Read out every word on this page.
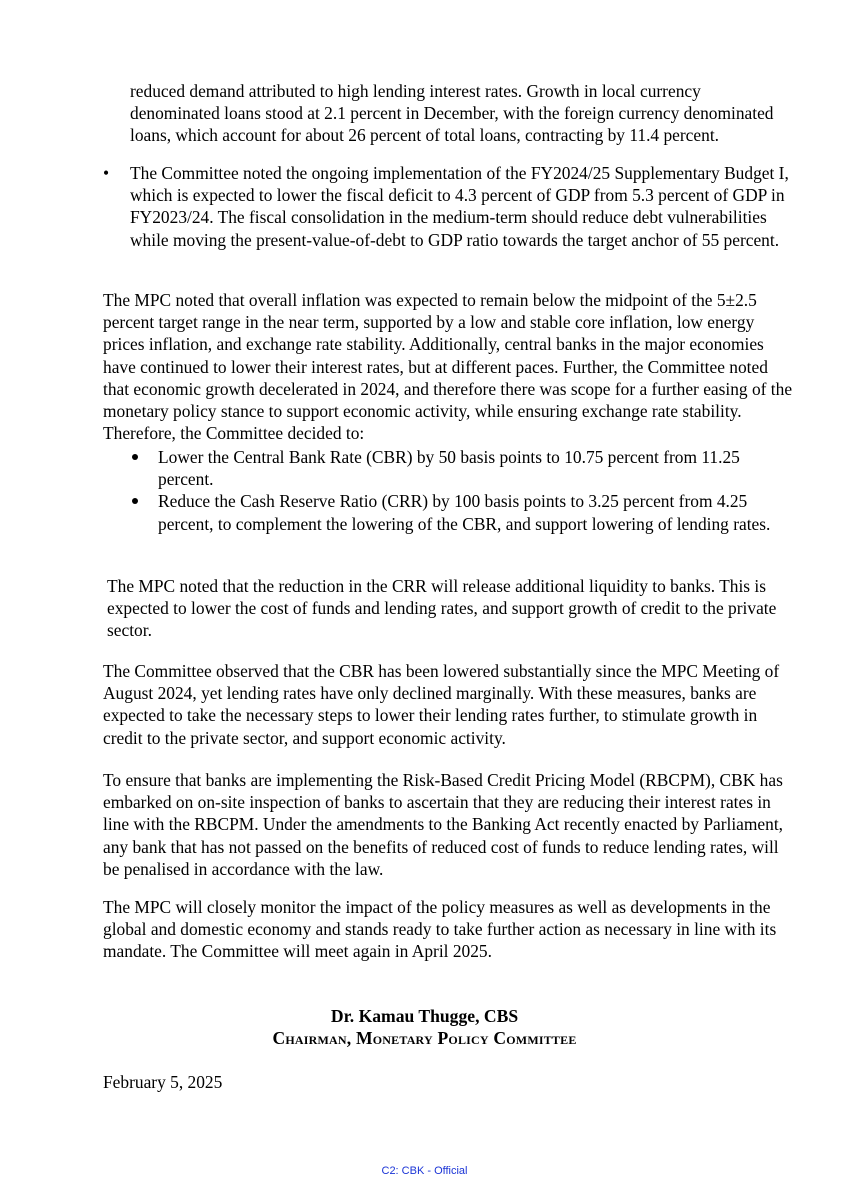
reduced demand attributed to high lending interest rates. Growth in local currency denominated loans stood at 2.1 percent in December, with the foreign currency denominated loans, which account for about 26 percent of total loans, contracting by 11.4 percent.

• The Committee noted the ongoing implementation of the FY2024/25 Supplementary Budget I, which is expected to lower the fiscal deficit to 4.3 percent of GDP from 5.3 percent of GDP in FY2023/24. The fiscal consolidation in the medium-term should reduce debt vulnerabilities while moving the present-value-of-debt to GDP ratio towards the target anchor of 55 percent.

The MPC noted that overall inflation was expected to remain below the midpoint of the 5±2.5 percent target range in the near term, supported by a low and stable core inflation, low energy prices inflation, and exchange rate stability. Additionally, central banks in the major economies have continued to lower their interest rates, but at different paces. Further, the Committee noted that economic growth decelerated in 2024, and therefore there was scope for a further easing of the monetary policy stance to support economic activity, while ensuring exchange rate stability. Therefore, the Committee decided to:

Lower the Central Bank Rate (CBR) by 50 basis points to 10.75 percent from 11.25 percent.
Reduce the Cash Reserve Ratio (CRR) by 100 basis points to 3.25 percent from 4.25 percent, to complement the lowering of the CBR, and support lowering of lending rates.

The MPC noted that the reduction in the CRR will release additional liquidity to banks. This is expected to lower the cost of funds and lending rates, and support growth of credit to the private sector.

The Committee observed that the CBR has been lowered substantially since the MPC Meeting of August 2024, yet lending rates have only declined marginally. With these measures, banks are expected to take the necessary steps to lower their lending rates further, to stimulate growth in credit to the private sector, and support economic activity.

To ensure that banks are implementing the Risk-Based Credit Pricing Model (RBCPM), CBK has embarked on on-site inspection of banks to ascertain that they are reducing their interest rates in line with the RBCPM. Under the amendments to the Banking Act recently enacted by Parliament, any bank that has not passed on the benefits of reduced cost of funds to reduce lending rates, will be penalised in accordance with the law.

The MPC will closely monitor the impact of the policy measures as well as developments in the global and domestic economy and stands ready to take further action as necessary in line with its mandate. The Committee will meet again in April 2025.

Dr. Kamau Thugge, CBS

Chairman, Monetary Policy Committee

February 5, 2025

C2: CBK - Official
